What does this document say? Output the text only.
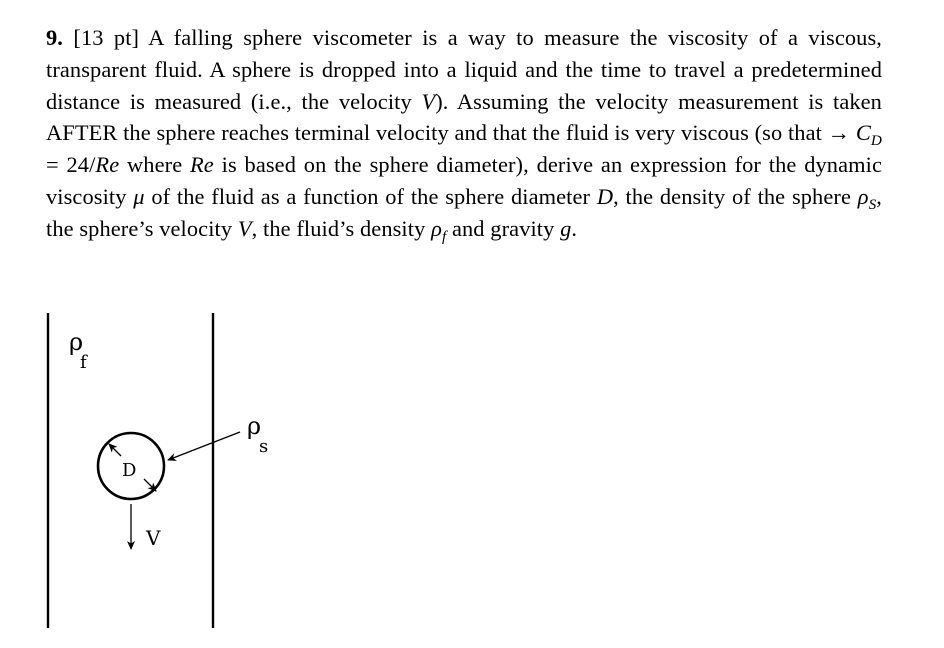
9. [13 pt] A falling sphere viscometer is a way to measure the viscosity of a viscous, transparent fluid. A sphere is dropped into a liquid and the time to travel a predetermined distance is measured (i.e., the velocity V). Assuming the velocity measurement is taken AFTER the sphere reaches terminal velocity and that the fluid is very viscous (so that → $C_D = 24/Re$ where Re is based on the sphere diameter), derive an expression for the dynamic viscosity μ of the fluid as a function of the sphere diameter D, the density of the sphere $\rho_S$, the sphere’s velocity V, the fluid’s density $\rho_f$ and gravity g.
ρ
f
D
ρ
s
V
